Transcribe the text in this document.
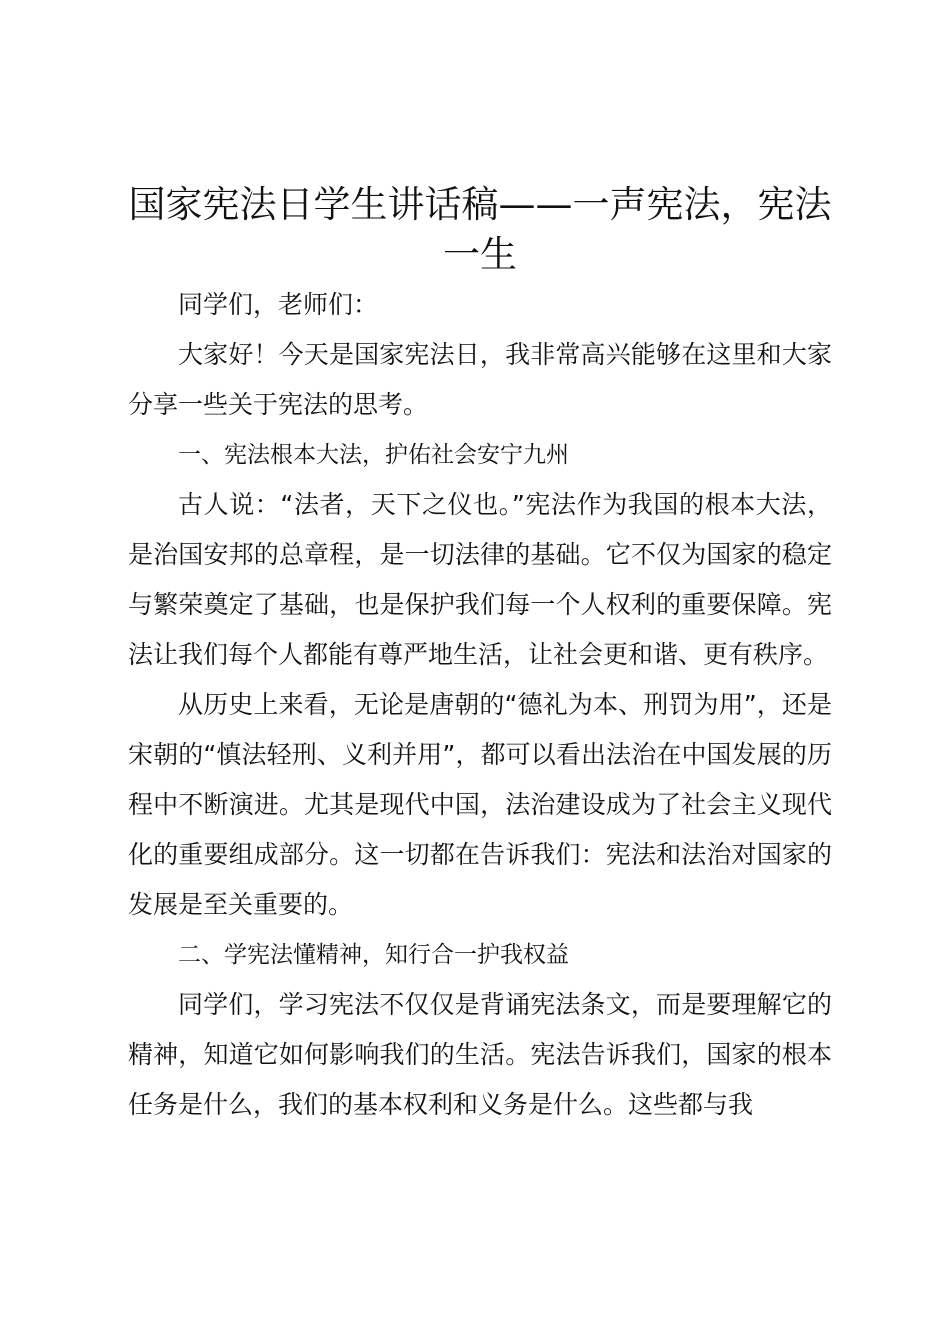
国家宪法日学生讲话稿——一声宪法，宪法一生

同学们，老师们：

大家好！今天是国家宪法日，我非常高兴能够在这里和大家分享一些关于宪法的思考。

一、宪法根本大法，护佑社会安宁九州

古人说：“法者，天下之仪也。”宪法作为我国的根本大法，是治国安邦的总章程，是一切法律的基础。它不仅为国家的稳定与繁荣奠定了基础，也是保护我们每一个人权利的重要保障。宪法让我们每个人都能有尊严地生活，让社会更和谐、更有秩序。

从历史上来看，无论是唐朝的“德礼为本、刑罚为用”，还是宋朝的“慎法轻刑、义利并用”，都可以看出法治在中国发展的历程中不断演进。尤其是现代中国，法治建设成为了社会主义现代化的重要组成部分。这一切都在告诉我们：宪法和法治对国家的发展是至关重要的。

二、学宪法懂精神，知行合一护我权益

同学们，学习宪法不仅仅是背诵宪法条文，而是要理解它的精神，知道它如何影响我们的生活。宪法告诉我们，国家的根本任务是什么，我们的基本权利和义务是什么。这些都与我
